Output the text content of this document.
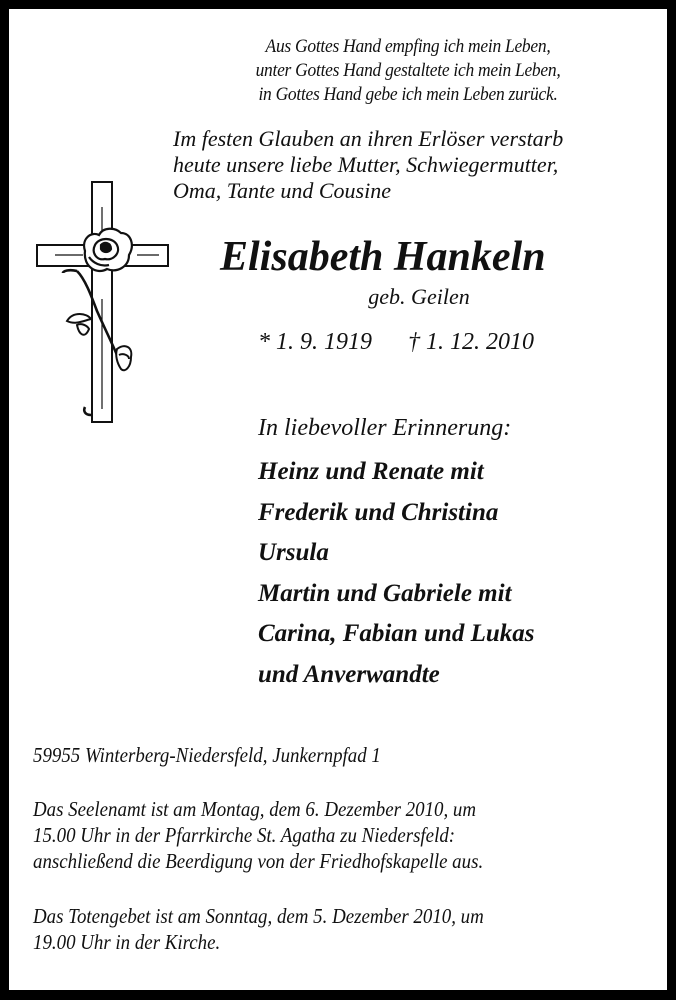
Aus Gottes Hand empfing ich mein Leben,
unter Gottes Hand gestaltete ich mein Leben,
in Gottes Hand gebe ich mein Leben zurück.
Im festen Glauben an ihren Erlöser verstarb
heute unsere liebe Mutter, Schwiegermutter,
Oma, Tante und Cousine
Elisabeth Hankeln
geb. Geilen
* 1. 9. 1919 † 1. 12. 2010
In liebevoller Erinnerung:
Heinz und Renate mit
Frederik und Christina
Ursula
Martin und Gabriele mit
Carina, Fabian und Lukas
und Anverwandte
59955 Winterberg-Niedersfeld, Junkernpfad 1
Das Seelenamt ist am Montag, dem 6. Dezember 2010, um
15.00 Uhr in der Pfarrkirche St. Agatha zu Niedersfeld:
anschließend die Beerdigung von der Friedhofskapelle aus.
Das Totengebet ist am Sonntag, dem 5. Dezember 2010, um
19.00 Uhr in der Kirche.
